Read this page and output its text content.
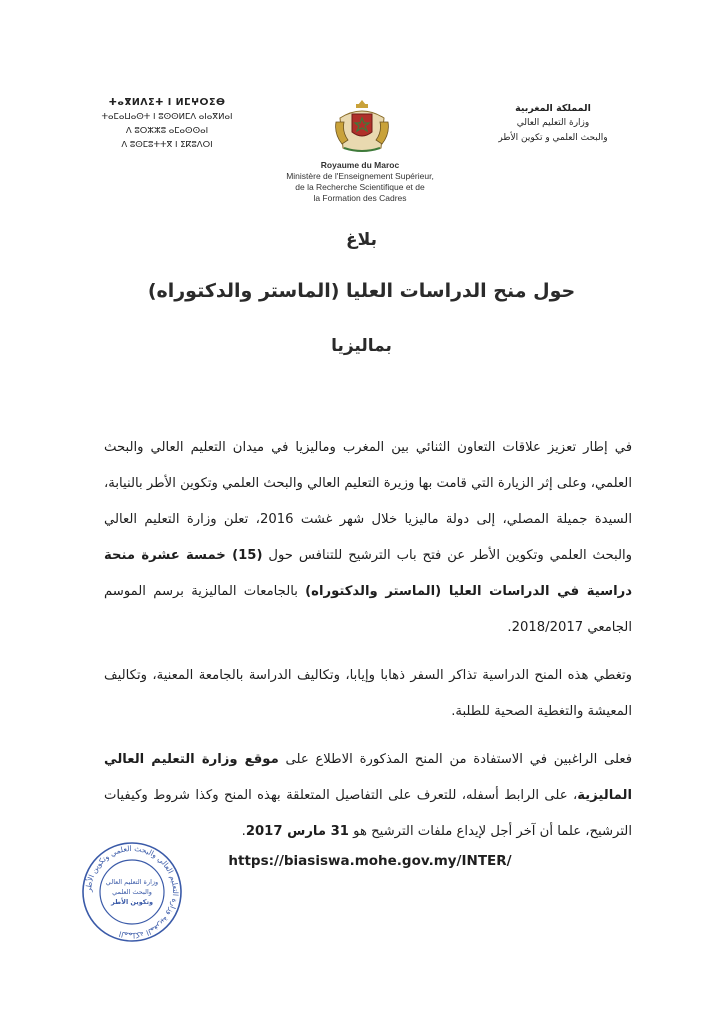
ⵜⴰⴳⵍⴷⵉⵜ ⵏ ⵍⵎⵖⵔⵉⴱ
ⵜⴰⵎⴰⵡⴰⵙⵜ ⵏ ⵓⵙⵙⵍⵎⴷ ⴰⵏⴰⴳⵍⴰⵏ
ⴷ ⵓⵔⵣⵣⵓ ⴰⵎⴰⵙⵙⴰⵏ
ⴷ ⵓⵙⵎⵓⵜⵜⴳ ⵏ ⵉⴽⵓⴷⵔⵏ
Royaume du Maroc
Ministère de l'Enseignement Supérieur,
de la Recherche Scientifique et de
la Formation des Cadres
المملكة المغربية
وزارة التعليم العالي
والبحث العلمي و تكوين الأطر
بلاغ
حول منح الدراسات العليا (الماستر والدكتوراه)
بماليزيا

في إطار تعزيز علاقات التعاون الثنائي بين المغرب وماليزيا في ميدان التعليم العالي والبحث العلمي، وعلى إثر الزيارة التي قامت بها وزيرة التعليم العالي والبحث العلمي وتكوين الأطر بالنيابة، السيدة جميلة المصلي، إلى دولة ماليزيا خلال شهر غشت 2016، تعلن وزارة التعليم العالي والبحث العلمي وتكوين الأطر عن فتح باب الترشيح للتنافس حول (15) خمسة عشرة منحة دراسية في الدراسات العليا (الماستر والدكتوراه) بالجامعات الماليزية برسم الموسم الجامعي 2018/2017.

وتغطي هذه المنح الدراسية تذاكر السفر ذهابا وإيابا، وتكاليف الدراسة بالجامعة المعنية، وتكاليف المعيشة والتغطية الصحية للطلبة.

فعلى الراغبين في الاستفادة من المنح المذكورة الاطلاع على موقع وزارة التعليم العالي الماليزية، على الرابط أسفله، للتعرف على التفاصيل المتعلقة بهذه المنح وكذا شروط وكيفيات الترشيح، علما أن آخر أجل لإيداع ملفات الترشيح هو 31 مارس 2017.

https://biasiswa.mohe.gov.my/INTER/
المملكة المغربية وزارة التعليم العالي والبحث العلمي وتكوين الأطر
وزارة التعليم العالي
والبحث العلمي
وتكوين الأطر
